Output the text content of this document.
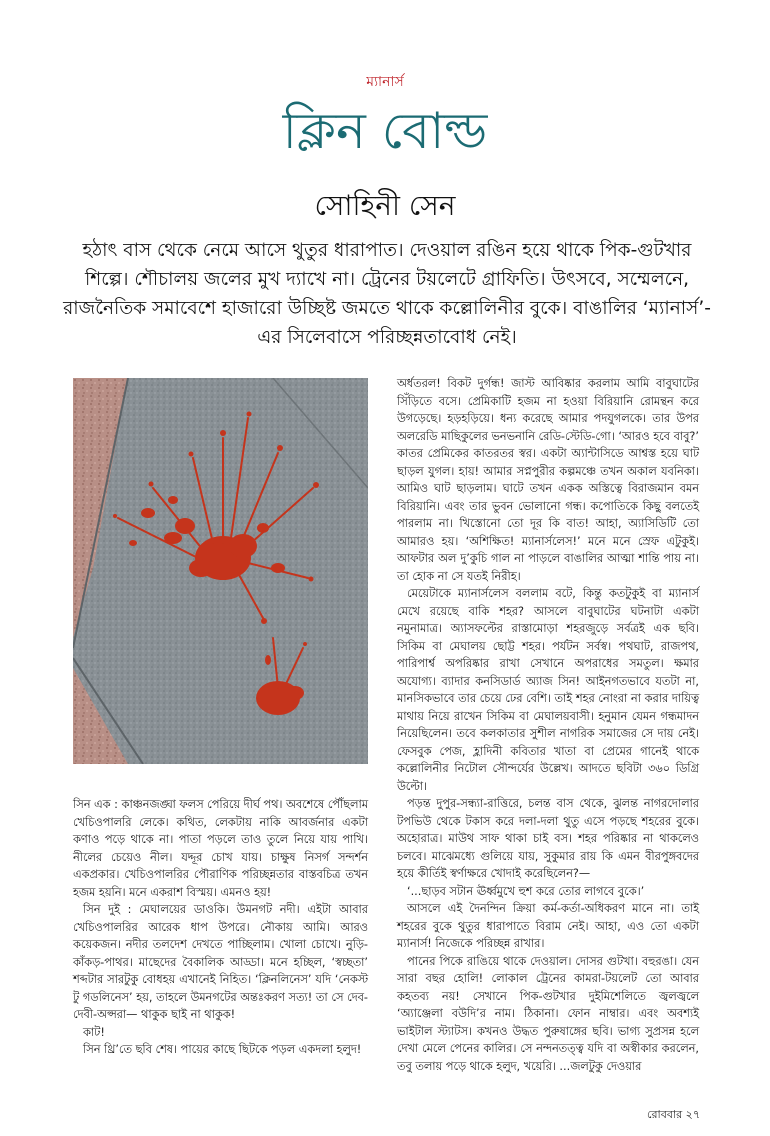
ম্যানার্স
ক্লিন বোল্ড
সোহিনী সেন
হঠাৎ বাস থেকে নেমে আসে থুতুর ধারাপাত। দেওয়াল রঙিন হয়ে থাকে পিক-গুটখার শিল্পে। শৌচালয় জলের মুখ দ্যাখে না। ট্রেনের টয়লেটে গ্রাফিতি। উৎসবে, সম্মেলনে, রাজনৈতিক সমাবেশে হাজারো উচ্ছিষ্ট জমতে থাকে কল্লোলিনীর বুকে। বাঙালির ‘ম্যানার্স’-এর সিলেবাসে পরিচ্ছন্নতাবোধ নেই।

অর্ধতরল! বিকট দুর্গন্ধ! জাস্ট আবিষ্কার করলাম আমি বাবুঘাটের সিঁড়িতে বসে। প্রেমিকাটি হজম না হওয়া বিরিয়ানি রোমন্থন করে উগড়েছে। হড়হড়িয়ে। ধন্য করেছে আমার পদযুগলকে। তার উপর অলরেডি মাছিকুলের ভনভনানি রেডি-স্টেডি-গো। ‘আরও হবে বাবু?’ কাতর প্রেমিকের কাতরতর স্বর। একটা অ্যান্টাসিডে আশ্বস্ত হয়ে ঘাট ছাড়ল যুগল। হায়! আমার সপ্নপুরীর কল্পমঞ্চে তখন অকাল যবনিকা। আমিও ঘাট ছাড়লাম। ঘাটে তখন একক অস্তিত্বে বিরাজমান বমন বিরিয়ানি। এবং তার ভুবন ভোলানো গন্ধ। কপোতিকে কিছু বলতেই পারলাম না। খিস্তোনো তো দূর কি বাত! আহা, অ্যাসিডিটি তো আমারও হয়। ‘অশিক্ষিত! ম্যানার্সলেস!’ মনে মনে স্রেফ এটুকুই। আফটার অল দু’কুচি গাল না পাড়লে বাঙালির আত্মা শান্তি পায় না। তা হোক না সে যতই নিরীহ।

মেয়েটাকে ম্যানার্সলেস বললাম বটে, কিন্তু কতটুকুই বা ম্যানার্স মেখে রয়েছে বাকি শহর? আসলে বাবুঘাটের ঘটনাটা একটা নমুনামাত্র। অ্যাসফল্টের রাস্তামোড়া শহরজুড়ে সর্বত্রই এক ছবি। সিকিম বা মেঘালয় ছোট্ট শহর। পর্যটন সর্বস্ব। পথঘাট, রাজপথ, পারিপার্শ্ব অপরিষ্কার রাখা সেখানে অপরাধের সমতুল। ক্ষমার অযোগ্য। ব্যাদার কনসিডার্ড অ্যাজ সিন! আইনগতভাবে যতটা না, মানসিকভাবে তার চেয়ে ঢের বেশি। তাই শহর নোংরা না করার দায়িত্ব মাথায় নিয়ে রাখেন সিকিম বা মেঘালয়বাসী। হনুমান যেমন গন্ধমাদন নিয়েছিলেন। তবে কলকাতার সুশীল নাগরিক সমাজের সে দায় নেই। ফেসবুক পেজ, হ্লাদিনী কবিতার খাতা বা প্রেমের গানেই থাকে কল্লোলিনীর নিটোল সৌন্দর্যের উল্লেখ। আদতে ছবিটা ৩৬০ ডিগ্রি উল্টো।

পড়ন্ত দুপুর-সন্ধ্যা-রাত্তিরে, চলন্ত বাস থেকে, ঝুলন্ত নাগরদোলার টপভিউ থেকে টকাস করে দলা-দলা থুতু এসে পড়ছে শহরের বুকে। অহোরাত্র। মাউথ সাফ থাকা চাই বস। শহর পরিষ্কার না থাকলেও চলবে। মাঝেমধ্যে গুলিয়ে যায়, সুকুমার রায় কি এমন বীরপুঙ্গবদের হয়ে কীর্তিই স্বর্ণাক্ষরে খোদাই করেছিলেন?—

‘...ছাড়ব সটান ঊর্ধ্বমুখে হুশ করে তোর লাগবে বুকে।’

আসলে এই দৈনন্দিন ক্রিয়া কর্ম-কর্তা-অধিকরণ মানে না। তাই শহরের বুকে থুতুর ধারাপাতে বিরাম নেই। আহা, এও তো একটা ম্যানার্স! নিজেকে পরিচ্ছন্ন রাখার।

পানের পিকে রাঙিয়ে থাকে দেওয়াল। দোসর গুটখা। বহুরঙা। যেন সারা বছর হোলি! লোকাল ট্রেনের কামরা-টয়লেট তো আবার কহতব্য নয়! সেখানে পিক-গুটখার দুইমিশেলিতে জ্বলজ্বলে ‘অ্যাঞ্জেলা বউদি’র নাম। ঠিকানা। ফোন নাম্বার। এবং অবশ্যই ভাইটাল স্ট্যাটস। কখনও উদ্ধত পুরুষাঙ্গের ছবি। ভাগ্য সুপ্রসন্ন হলে দেখা মেলে পেনের কালির। সে নন্দনতত্ত্ব যদি বা অস্বীকার করলেন, তবু তলায় পড়ে থাকে হলুদ, খয়েরি। ...জলটুকু দেওয়ার

সিন এক : কাঞ্চনজঙ্ঘা ফলস পেরিয়ে দীর্ঘ পথ। অবশেষে পৌঁছলাম খেচিওপালরি লেকে। কথিত, লেকটায় নাকি আবর্জনার একটা কণাও পড়ে থাকে না। পাতা পড়লে তাও তুলে নিয়ে যায় পাখি। নীলের চেয়েও নীল। যদ্দূর চোখ যায়। চাক্ষুষ নিসর্গ সন্দর্শন একপ্রকার। খেচিওপালরির পৌরাণিক পরিচ্ছন্নতার বাস্তবচিত্র তখন হজম হয়নি। মনে একরাশ বিস্ময়। এমনও হয়!

সিন দুই : মেঘালয়ের ডাওকি। উমনগট নদী। এইটা আবার খেচিওপালরির আরেক ধাপ উপরে। নৌকায় আমি। আরও কয়েকজন। নদীর তলদেশ দেখতে পাচ্ছিলাম। খোলা চোখে। নুড়ি-কাঁকড়-পাথর। মাছেদের বৈকালিক আড্ডা। মনে হচ্ছিল, ‘স্বচ্ছতা’ শব্দটার সারটুকু বোধহয় এখানেই নিহিত। ‘ক্লিনলিনেস’ যদি ‘নেকস্ট টু গডলিনেস’ হয়, তাহলে উমনগটের অন্তঃকরণ সত্য! তা সে দেব-দেবী-অপ্সরা— থাকুক ছাই না থাকুক!

কাট!

সিন থ্রি’তে ছবি শেষ। পায়ের কাছে ছিটকে পড়ল একদলা হলুদ!

রোববার ২৭
